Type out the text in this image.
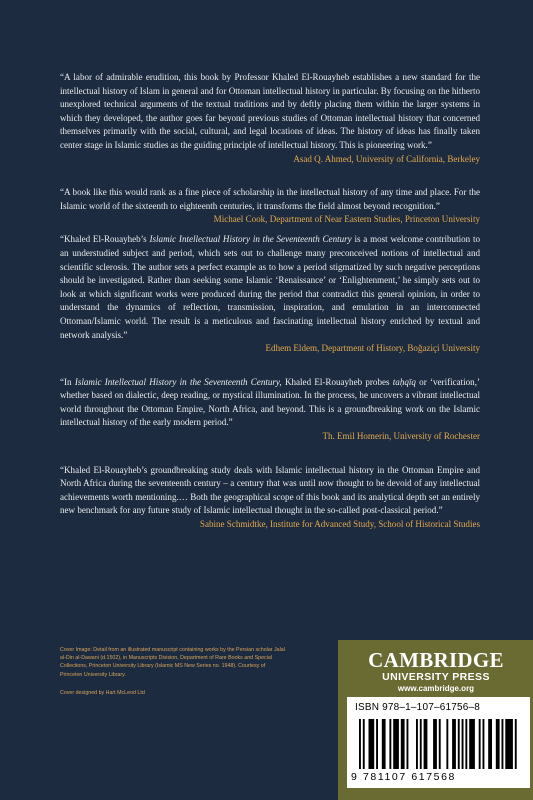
“A labor of admirable erudition, this book by Professor Khaled El-Rouayheb establishes a new standard for the intellectual history of Islam in general and for Ottoman intellectual history in particular. By focusing on the hitherto unexplored technical arguments of the textual traditions and by deftly placing them within the larger systems in which they developed, the author goes far beyond previous studies of Ottoman intellectual history that concerned themselves primarily with the social, cultural, and legal locations of ideas. The history of ideas has finally taken center stage in Islamic studies as the guiding principle of intellectual history. This is pioneering work.”

Asad Q. Ahmed, University of California, Berkeley

“A book like this would rank as a fine piece of scholarship in the intellectual history of any time and place. For the Islamic world of the sixteenth to eighteenth centuries, it transforms the field almost beyond recognition.”
Michael Cook, Department of Near Eastern Studies, Princeton University

“Khaled El-Rouayheb’s Islamic Intellectual History in the Seventeenth Century is a most welcome contribution to an understudied subject and period, which sets out to challenge many preconceived notions of intellectual and scientific sclerosis. The author sets a perfect example as to how a period stigmatized by such negative perceptions should be investigated. Rather than seeking some Islamic ‘Renaissance’ or ‘Enlightenment,’ he simply sets out to look at which significant works were produced during the period that contradict this general opinion, in order to understand the dynamics of reflection, transmission, inspiration, and emulation in an interconnected Ottoman/Islamic world. The result is a meticulous and fascinating intellectual history enriched by textual and network analysis.”

Edhem Eldem, Department of History, Boğaziçi University

“In Islamic Intellectual History in the Seventeenth Century, Khaled El-Rouayheb probes taḥqīq or ‘verification,’ whether based on dialectic, deep reading, or mystical illumination. In the process, he uncovers a vibrant intellectual world throughout the Ottoman Empire, North Africa, and beyond. This is a groundbreaking work on the Islamic intellectual history of the early modern period.”

Th. Emil Homerin, University of Rochester

“Khaled El-Rouayheb’s groundbreaking study deals with Islamic intellectual history in the Ottoman Empire and North Africa during the seventeenth century – a century that was until now thought to be devoid of any intellectual achievements worth mentioning.… Both the geographical scope of this book and its analytical depth set an entirely new benchmark for any future study of Islamic intellectual thought in the so-called post-classical period.”

Sabine Schmidtke, Institute for Advanced Study, School of Historical Studies
Cover Image: Detail from an illustrated manuscript containing works by the Persian scholar Jalal al-Din al-Dawani (d.1502), in Manuscripts Division, Department of Rare Books and Special Collections, Princeton University Library (Islamic MS New Series no. 1948). Courtesy of Princeton University Library.
Cover designed by Hart McLeod Ltd
CAMBRIDGE
UNIVERSITY PRESS
www.cambridge.org
ISBN 978–1–107–61756–8
9 781107 617568
